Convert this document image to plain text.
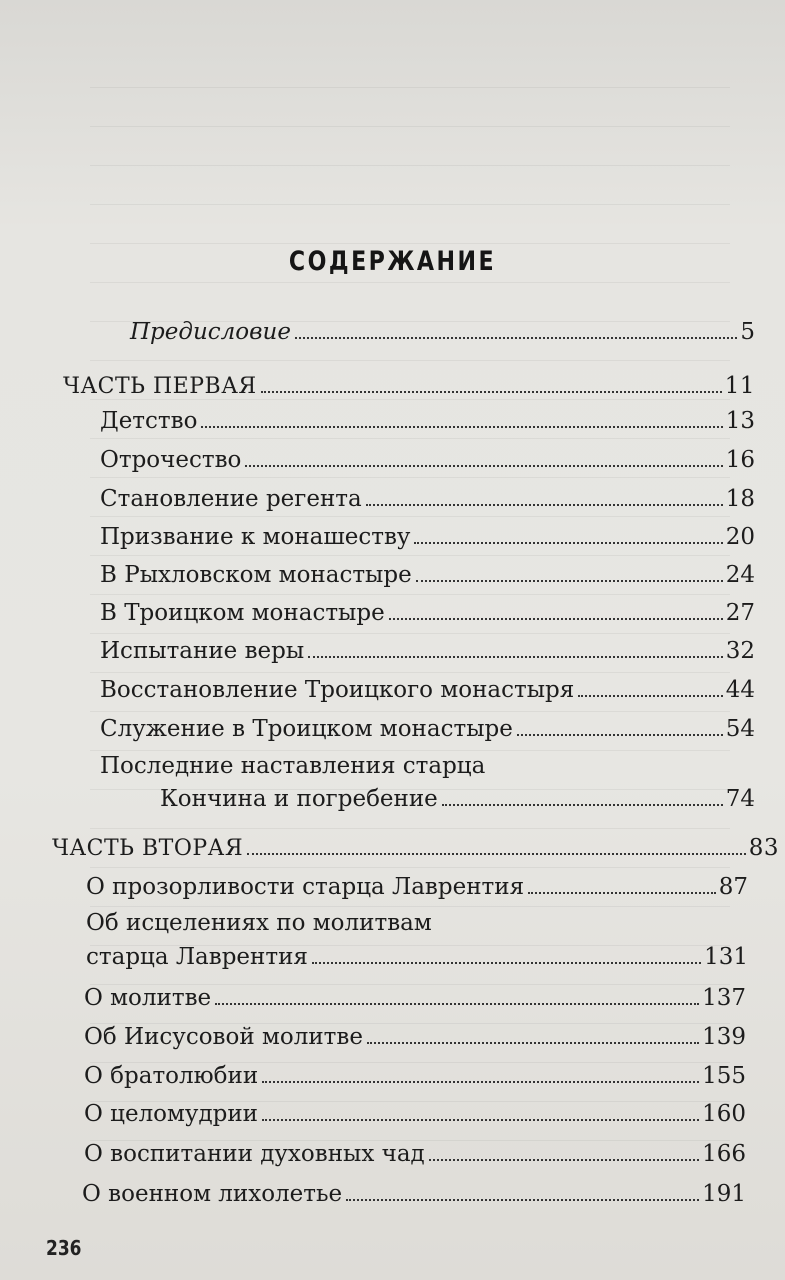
СОДЕРЖАНИЕ
Предисловие	5
ЧАСТЬ ПЕРВАЯ	11
Детство	13
Отрочество	16
Становление регента	18
Призвание к монашеству	20
В Рыхловском монастыре	24
В Троицком монастыре	27
Испытание веры	32
Восстановление Троицкого монастыря	44
Служение в Троицком монастыре	54
Последние наставления старца
Кончина и погребение	74
ЧАСТЬ ВТОРАЯ	83
О прозорливости старца Лаврентия	87
Об исцелениях по молитвам
старца Лаврентия	131
О молитве	137
Об Иисусовой молитве	139
О братолюбии	155
О целомудрии	160
О воспитании духовных чад	166
О военном лихолетье	191
236
